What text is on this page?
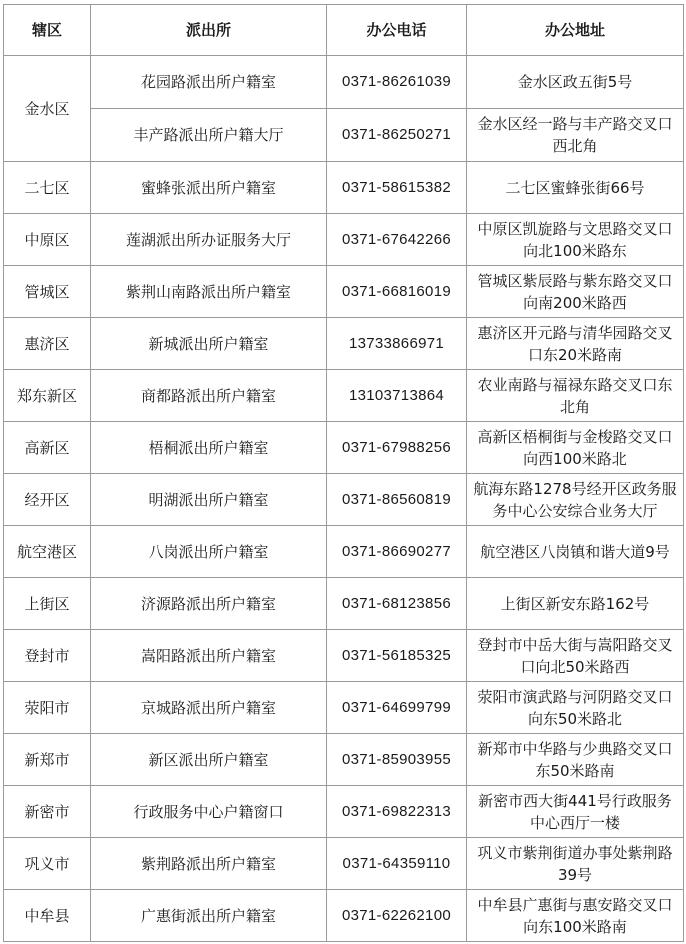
辖区	派出所	办公电话	办公地址
金水区	花园路派出所户籍室	0371-86261039	金水区政五街5号
	丰产路派出所户籍大厅	0371-86250271	金水区经一路与丰产路交叉口西北角
二七区	蜜蜂张派出所户籍室	0371-58615382	二七区蜜蜂张街66号
中原区	莲湖派出所办证服务大厅	0371-67642266	中原区凯旋路与文思路交叉口向北100米路东
管城区	紫荆山南路派出所户籍室	0371-66816019	管城区紫辰路与紫东路交叉口向南200米路西
惠济区	新城派出所户籍室	13733866971	惠济区开元路与清华园路交叉口东20米路南
郑东新区	商都路派出所户籍室	13103713864	农业南路与福禄东路交叉口东北角
高新区	梧桐派出所户籍室	0371-67988256	高新区梧桐街与金梭路交叉口向西100米路北
经开区	明湖派出所户籍室	0371-86560819	航海东路1278号经开区政务服务中心公安综合业务大厅
航空港区	八岗派出所户籍室	0371-86690277	航空港区八岗镇和谐大道9号
上街区	济源路派出所户籍室	0371-68123856	上街区新安东路162号
登封市	嵩阳路派出所户籍室	0371-56185325	登封市中岳大街与嵩阳路交叉口向北50米路西
荥阳市	京城路派出所户籍室	0371-64699799	荥阳市演武路与河阴路交叉口向东50米路北
新郑市	新区派出所户籍室	0371-85903955	新郑市中华路与少典路交叉口东50米路南
新密市	行政服务中心户籍窗口	0371-69822313	新密市西大街441号行政服务中心西厅一楼
巩义市	紫荆路派出所户籍室	0371-64359110	巩义市紫荆街道办事处紫荆路39号
中牟县	广惠街派出所户籍室	0371-62262100	中牟县广惠街与惠安路交叉口向东100米路南
